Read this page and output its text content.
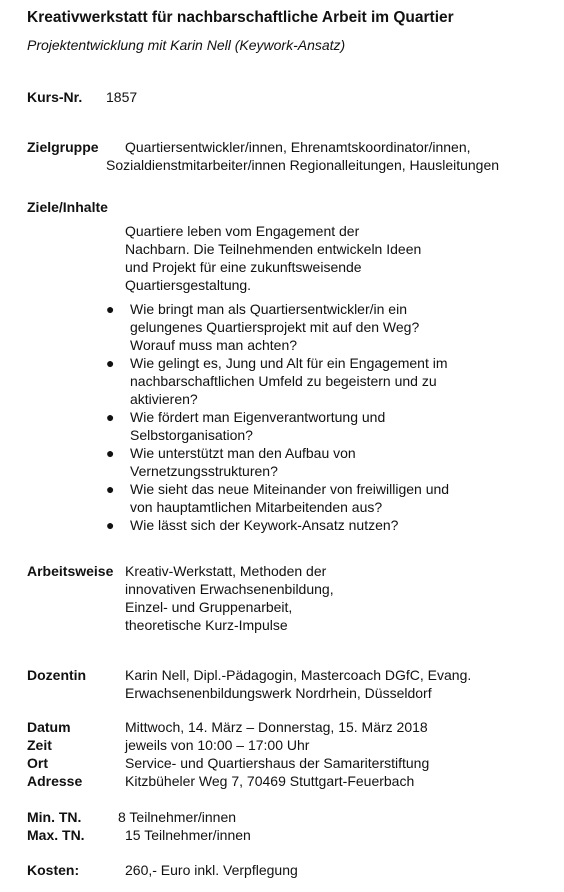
Kreativwerkstatt für nachbarschaftliche Arbeit im Quartier
Projektentwicklung mit Karin Nell (Keywork-Ansatz)
Kurs-Nr. 1857
Zielgruppe Quartiersentwickler/innen, Ehrenamtskoordinator/innen,
Sozialdienstmitarbeiter/innen Regionalleitungen, Hausleitungen
Ziele/Inhalte
Quartiere leben vom Engagement der
Nachbarn. Die Teilnehmenden entwickeln Ideen
und Projekt für eine zukunftsweisende
Quartiersgestaltung.
● Wie bringt man als Quartiersentwickler/in ein
gelungenes Quartiersprojekt mit auf den Weg?
Worauf muss man achten?
● Wie gelingt es, Jung und Alt für ein Engagement im
nachbarschaftlichen Umfeld zu begeistern und zu
aktivieren?
● Wie fördert man Eigenverantwortung und
Selbstorganisation?
● Wie unterstützt man den Aufbau von
Vernetzungsstrukturen?
● Wie sieht das neue Miteinander von freiwilligen und
von hauptamtlichen Mitarbeitenden aus?
● Wie lässt sich der Keywork-Ansatz nutzen?
Arbeitsweise Kreativ-Werkstatt, Methoden der
innovativen Erwachsenenbildung,
Einzel- und Gruppenarbeit,
theoretische Kurz-Impulse
Dozentin	Karin Nell, Dipl.-Pädagogin, Mastercoach DGfC, Evang.
Erwachsenenbildungswerk Nordrhein, Düsseldorf
Datum	Mittwoch, 14. März – Donnerstag, 15. März 2018
Zeit	jeweils von 10:00 – 17:00 Uhr
Ort	Service- und Quartiershaus der Samariterstiftung
Adresse	Kitzbüheler Weg 7, 70469 Stuttgart-Feuerbach
Min. TN.	8 Teilnehmer/innen
Max. TN.	15 Teilnehmer/innen
Kosten:	260,- Euro inkl. Verpflegung
